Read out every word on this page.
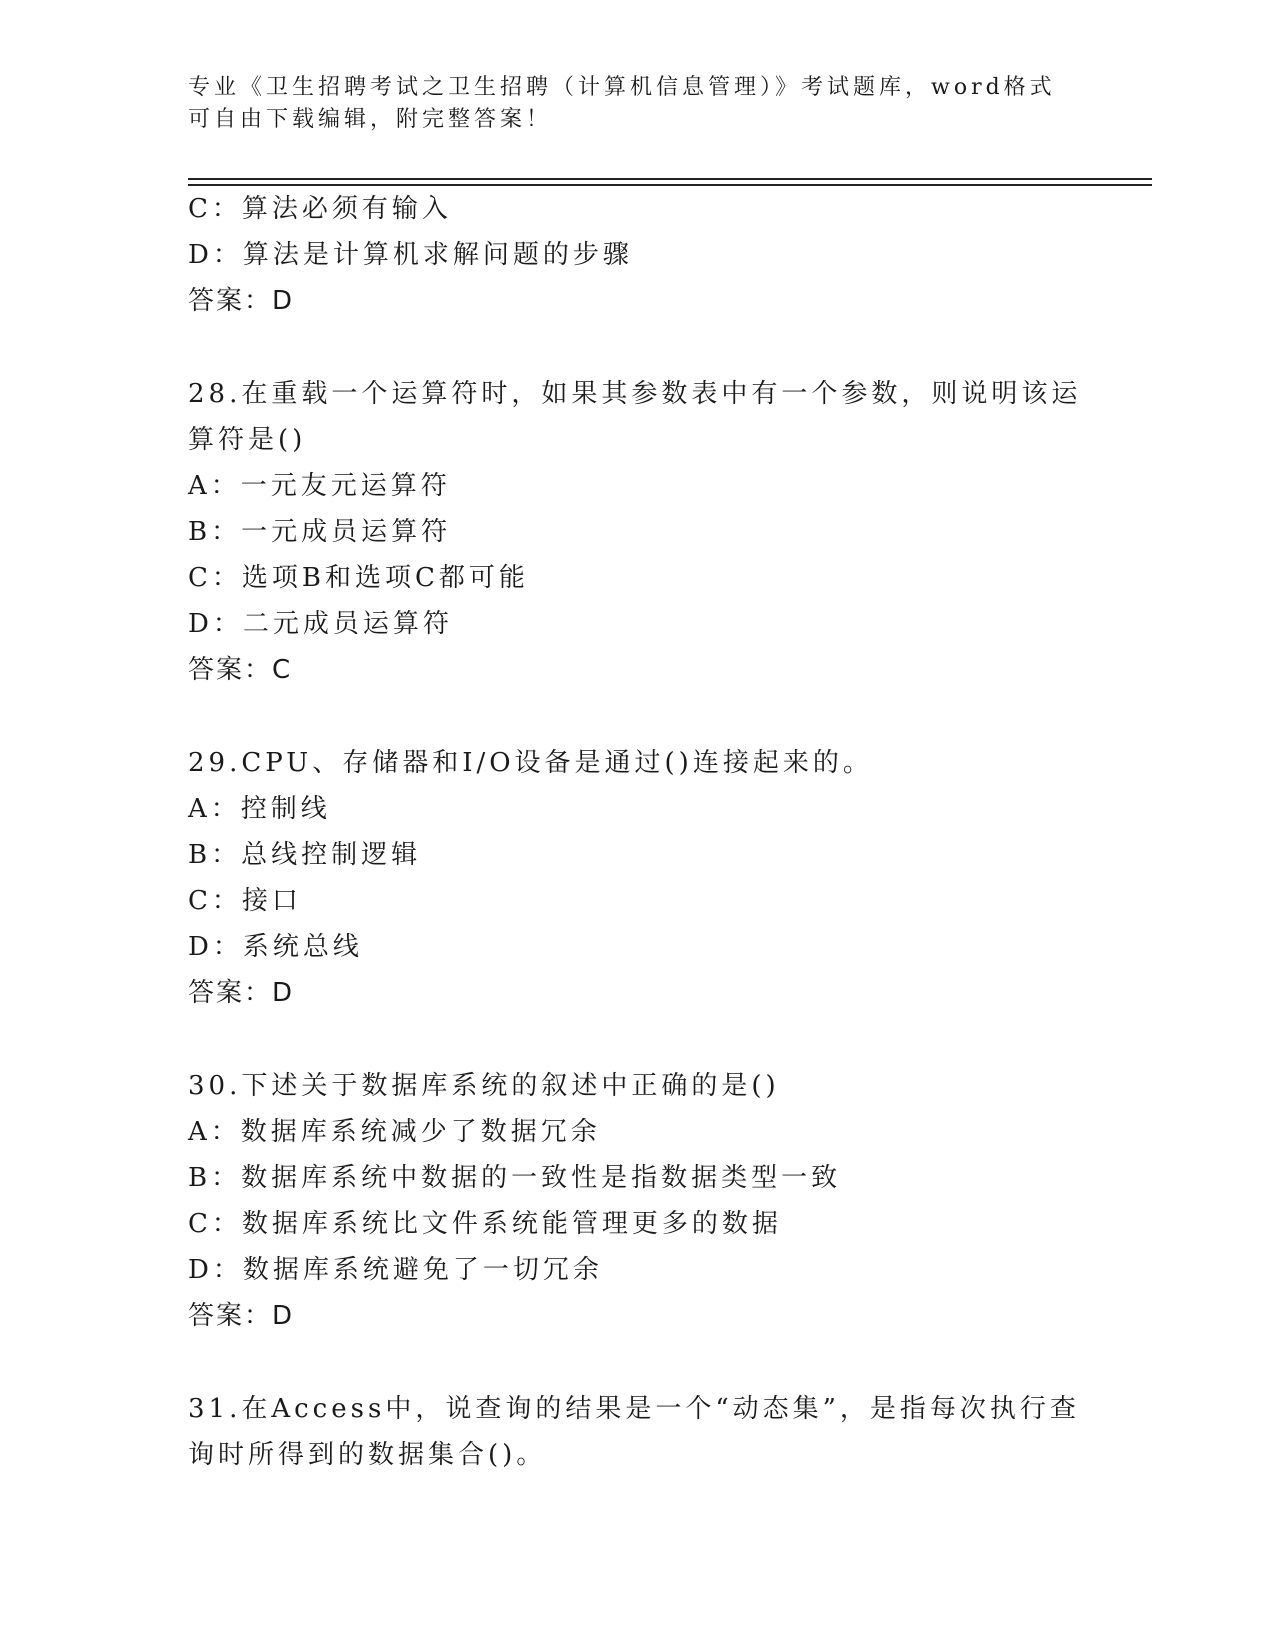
专业《卫生招聘考试之卫生招聘（计算机信息管理）》考试题库，word格式可自由下载编辑，附完整答案！
C：算法必须有输入
D：算法是计算机求解问题的步骤
答案：D
28.在重载一个运算符时，如果其参数表中有一个参数，则说明该运算符是()
A：一元友元运算符
B：一元成员运算符
C：选项B和选项C都可能
D：二元成员运算符
答案：C
29.CPU、存储器和I/O设备是通过()连接起来的。
A：控制线
B：总线控制逻辑
C：接口
D：系统总线
答案：D
30.下述关于数据库系统的叙述中正确的是()
A：数据库系统减少了数据冗余
B：数据库系统中数据的一致性是指数据类型一致
C：数据库系统比文件系统能管理更多的数据
D：数据库系统避免了一切冗余
答案：D
31.在Access中，说查询的结果是一个“动态集”，是指每次执行查询时所得到的数据集合()。
